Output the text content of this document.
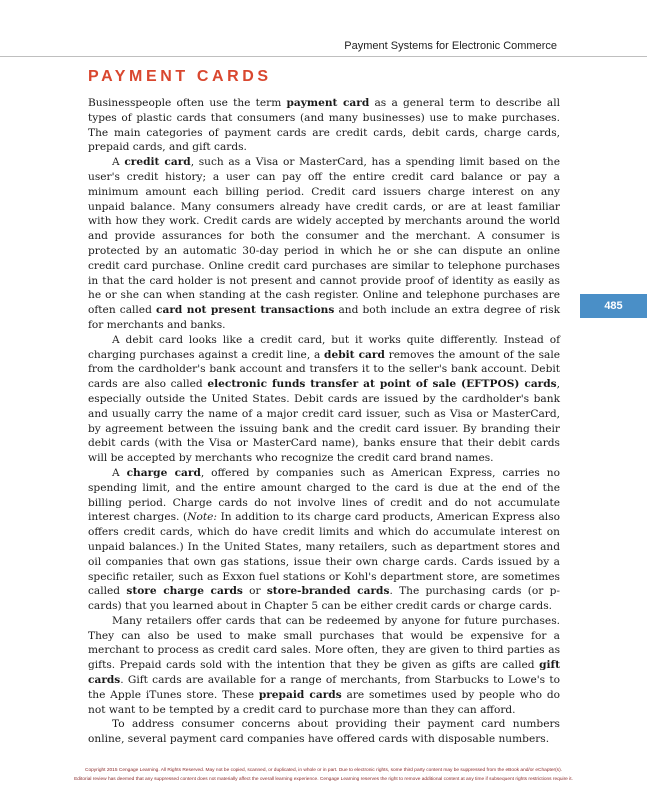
Payment Systems for Electronic Commerce
PAYMENT CARDS
485

Businesspeople often use the term payment card as a general term to describe all types of plastic cards that consumers (and many businesses) use to make purchases. The main categories of payment cards are credit cards, debit cards, charge cards, prepaid cards, and gift cards.

A credit card, such as a Visa or MasterCard, has a spending limit based on the user's credit history; a user can pay off the entire credit card balance or pay a minimum amount each billing period. Credit card issuers charge interest on any unpaid balance. Many consumers already have credit cards, or are at least familiar with how they work. Credit cards are widely accepted by merchants around the world and provide assurances for both the consumer and the merchant. A consumer is protected by an automatic 30-day period in which he or she can dispute an online credit card purchase. Online credit card purchases are similar to telephone purchases in that the card holder is not present and cannot provide proof of identity as easily as he or she can when standing at the cash register. Online and telephone purchases are often called card not present transactions and both include an extra degree of risk for merchants and banks.

A debit card looks like a credit card, but it works quite differently. Instead of charging purchases against a credit line, a debit card removes the amount of the sale from the cardholder's bank account and transfers it to the seller's bank account. Debit cards are also called electronic funds transfer at point of sale (EFTPOS) cards, especially outside the United States. Debit cards are issued by the cardholder's bank and usually carry the name of a major credit card issuer, such as Visa or MasterCard, by agreement between the issuing bank and the credit card issuer. By branding their debit cards (with the Visa or MasterCard name), banks ensure that their debit cards will be accepted by merchants who recognize the credit card brand names.

A charge card, offered by companies such as American Express, carries no spending limit, and the entire amount charged to the card is due at the end of the billing period. Charge cards do not involve lines of credit and do not accumulate interest charges. (Note: In addition to its charge card products, American Express also offers credit cards, which do have credit limits and which do accumulate interest on unpaid balances.) In the United States, many retailers, such as department stores and oil companies that own gas stations, issue their own charge cards. Cards issued by a specific retailer, such as Exxon fuel stations or Kohl's department store, are sometimes called store charge cards or store-branded cards. The purchasing cards (or p-cards) that you learned about in Chapter 5 can be either credit cards or charge cards.

Many retailers offer cards that can be redeemed by anyone for future purchases. They can also be used to make small purchases that would be expensive for a merchant to process as credit card sales. More often, they are given to third parties as gifts. Prepaid cards sold with the intention that they be given as gifts are called gift cards. Gift cards are available for a range of merchants, from Starbucks to Lowe's to the Apple iTunes store. These prepaid cards are sometimes used by people who do not want to be tempted by a credit card to purchase more than they can afford.

To address consumer concerns about providing their payment card numbers online, several payment card companies have offered cards with disposable numbers.

Copyright 2015 Cengage Learning. All Rights Reserved. May not be copied, scanned, or duplicated, in whole or in part. Due to electronic rights, some third party content may be suppressed from the eBook and/or eChapter(s).
Editorial review has deemed that any suppressed content does not materially affect the overall learning experience. Cengage Learning reserves the right to remove additional content at any time if subsequent rights restrictions require it.
